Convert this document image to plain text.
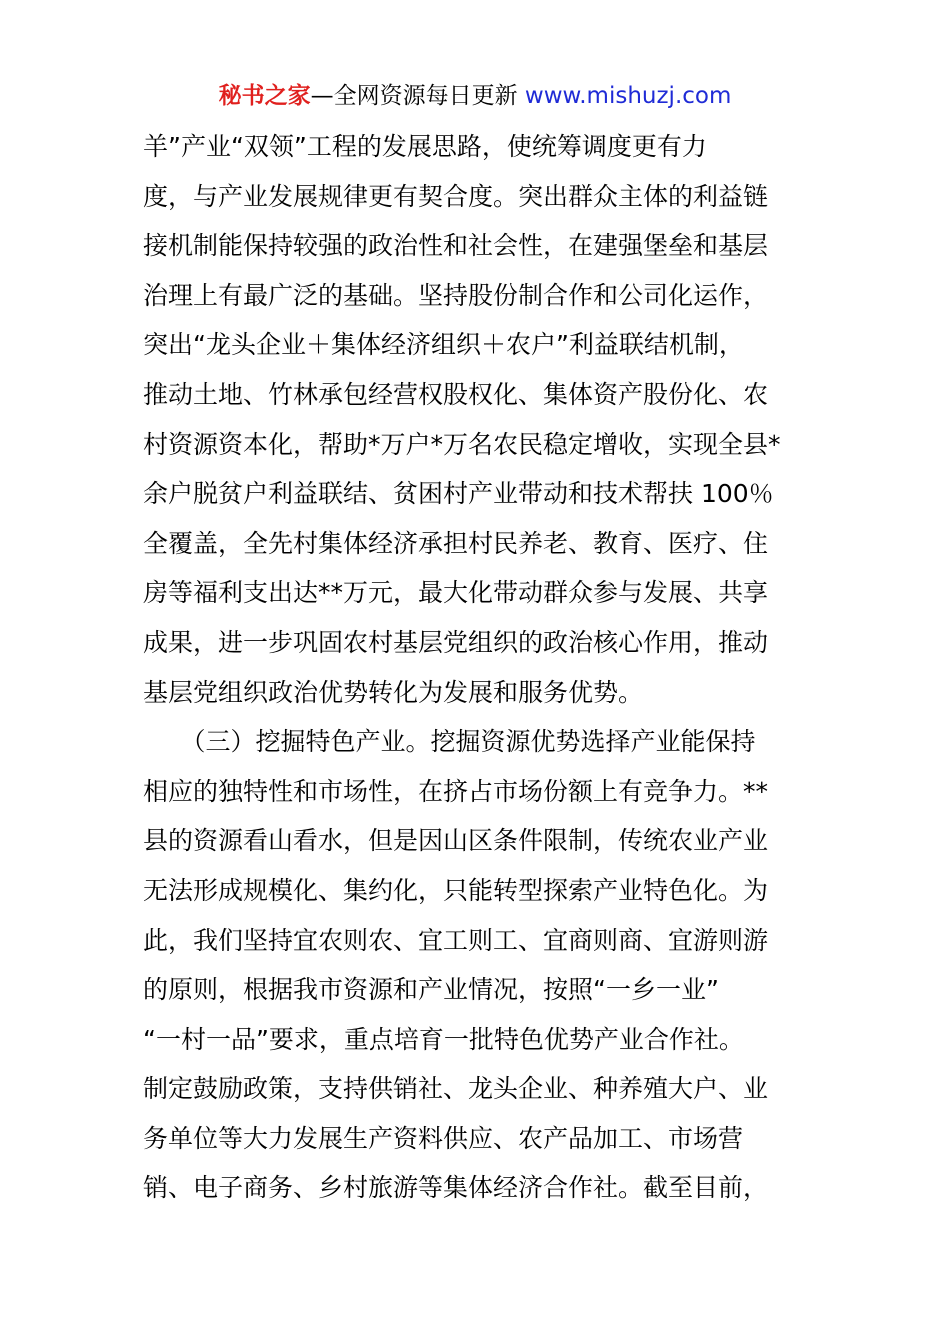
秘书之家—全网资源每日更新 www.mishuzj.com
羊”产业“双领”工程的发展思路，使统筹调度更有力
度，与产业发展规律更有契合度。突出群众主体的利益链
接机制能保持较强的政治性和社会性，在建强堡垒和基层
治理上有最广泛的基础。坚持股份制合作和公司化运作，
突出“龙头企业＋集体经济组织＋农户”利益联结机制，
推动土地、竹林承包经营权股权化、集体资产股份化、农
村资源资本化，帮助*万户*万名农民稳定增收，实现全县*
余户脱贫户利益联结、贫困村产业带动和技术帮扶 100％
全覆盖，全先村集体经济承担村民养老、教育、医疗、住
房等福利支出达**万元，最大化带动群众参与发展、共享
成果，进一步巩固农村基层党组织的政治核心作用，推动
基层党组织政治优势转化为发展和服务优势。
　　（三）挖掘特色产业。挖掘资源优势选择产业能保持
相应的独特性和市场性，在挤占市场份额上有竞争力。**
县的资源看山看水，但是因山区条件限制，传统农业产业
无法形成规模化、集约化，只能转型探索产业特色化。为
此，我们坚持宜农则农、宜工则工、宜商则商、宜游则游
的原则，根据我市资源和产业情况，按照“一乡一业”
“一村一品”要求，重点培育一批特色优势产业合作社。
制定鼓励政策，支持供销社、龙头企业、种养殖大户、业
务单位等大力发展生产资料供应、农产品加工、市场营
销、电子商务、乡村旅游等集体经济合作社。截至目前，
